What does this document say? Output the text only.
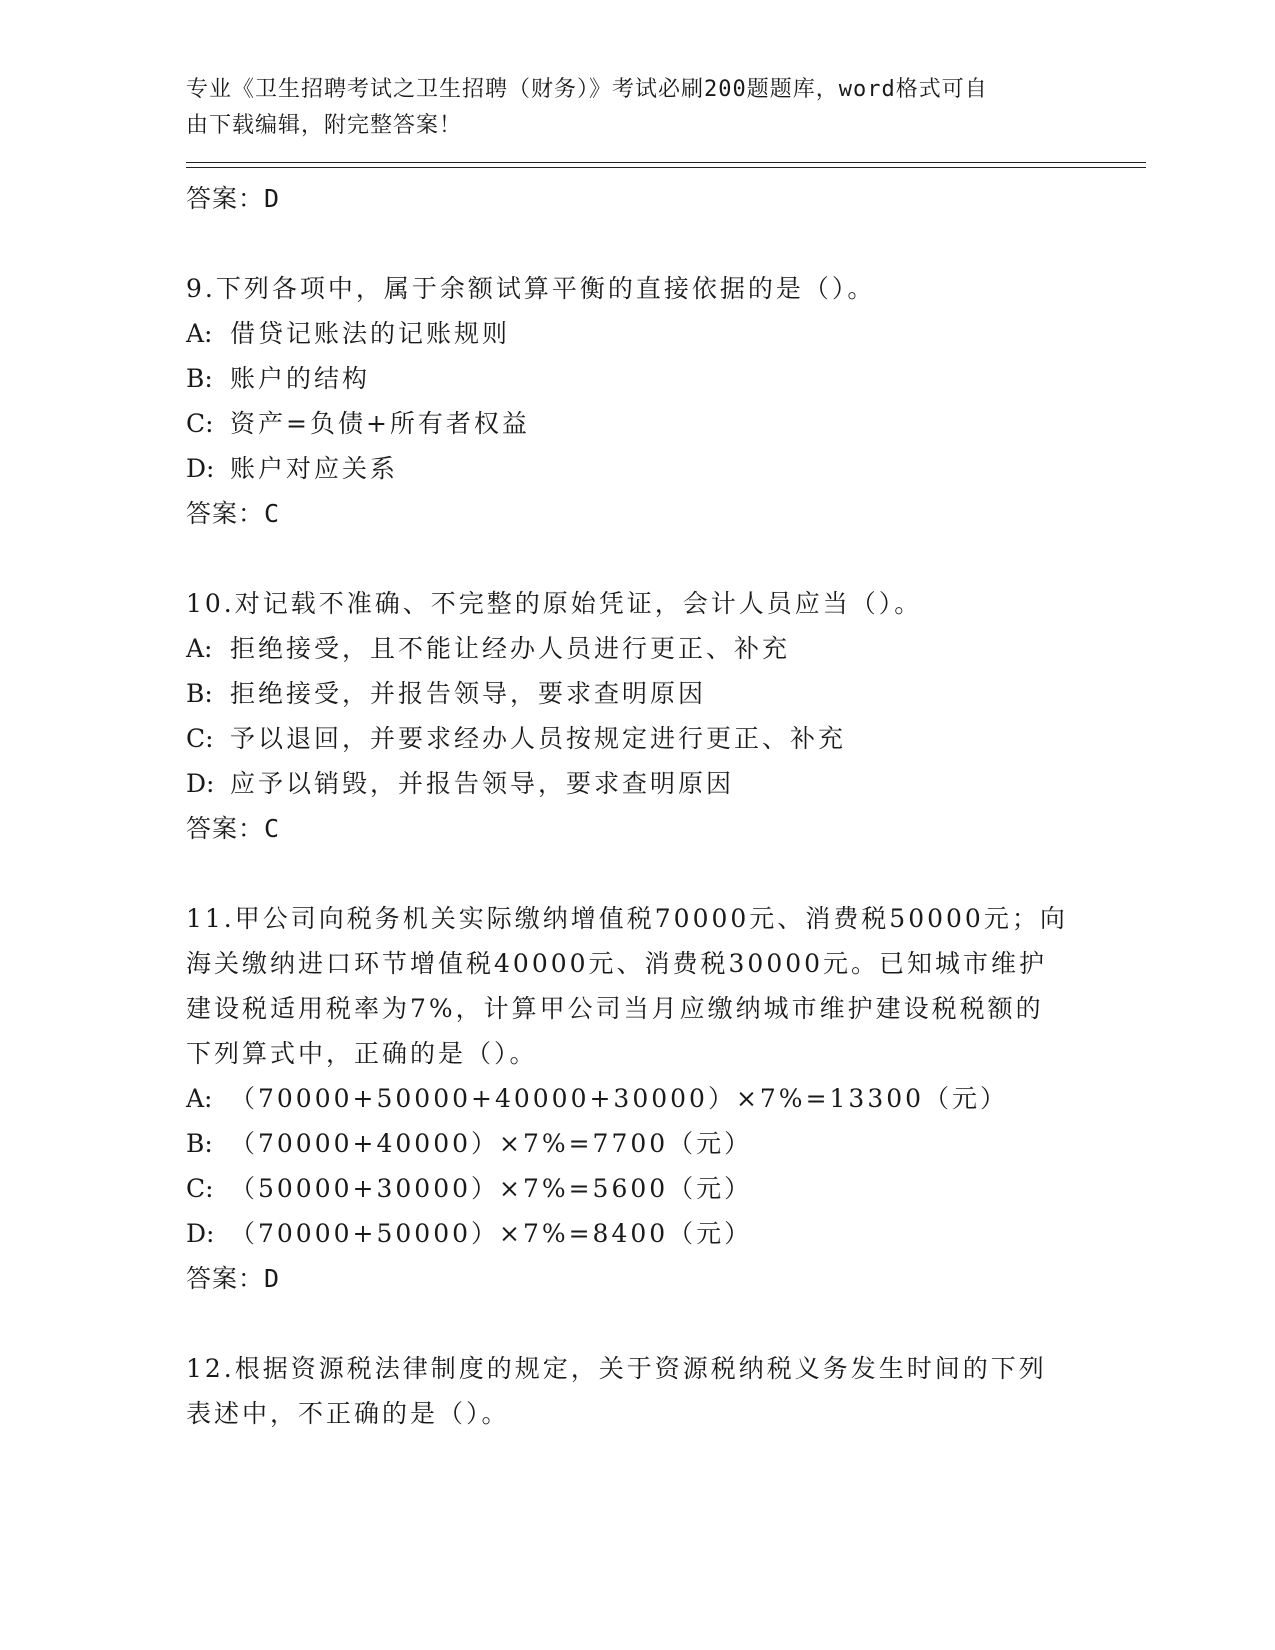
专业《卫生招聘考试之卫生招聘（财务）》考试必刷200题题库，word格式可自
由下载编辑，附完整答案！
答案：D
9.下列各项中，属于余额试算平衡的直接依据的是（）。
A: 借贷记账法的记账规则
B: 账户的结构
C: 资产=负债+所有者权益
D: 账户对应关系
答案：C
10.对记载不准确、不完整的原始凭证，会计人员应当（）。
A: 拒绝接受，且不能让经办人员进行更正、补充
B: 拒绝接受，并报告领导，要求查明原因
C: 予以退回，并要求经办人员按规定进行更正、补充
D: 应予以销毁，并报告领导，要求查明原因
答案：C
11.甲公司向税务机关实际缴纳增值税70000元、消费税50000元；向
海关缴纳进口环节增值税40000元、消费税30000元。已知城市维护
建设税适用税率为7%，计算甲公司当月应缴纳城市维护建设税税额的
下列算式中，正确的是（）。
A: （70000+50000+40000+30000）×7%=13300（元）
B: （70000+40000）×7%=7700（元）
C: （50000+30000）×7%=5600（元）
D: （70000+50000）×7%=8400（元）
答案：D
12.根据资源税法律制度的规定，关于资源税纳税义务发生时间的下列
表述中，不正确的是（）。
